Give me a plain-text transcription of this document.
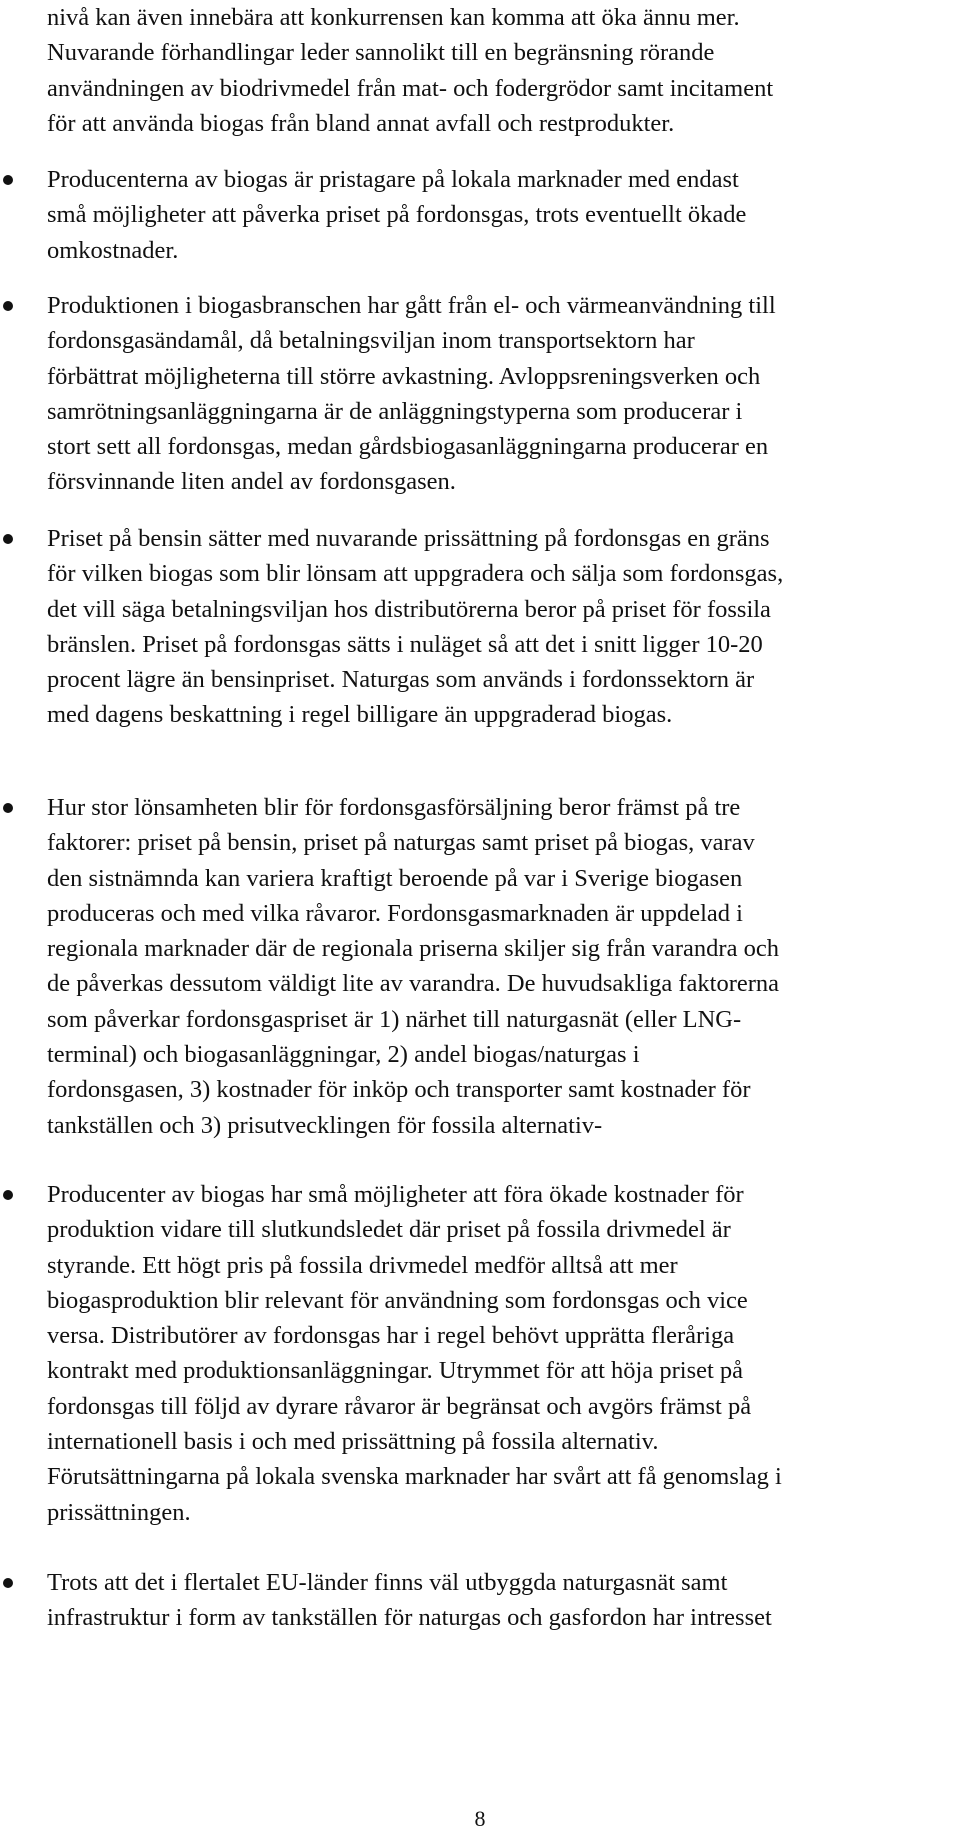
nivå kan även innebära att konkurrensen kan komma att öka ännu mer.
Nuvarande förhandlingar leder sannolikt till en begränsning rörande
användningen av biodrivmedel från mat- och fodergrödor samt incitament
för att använda biogas från bland annat avfall och restprodukter.

Producenterna av biogas är pristagare på lokala marknader med endast
små möjligheter att påverka priset på fordonsgas, trots eventuellt ökade
omkostnader.

Produktionen i biogasbranschen har gått från el- och värmeanvändning till
fordonsgasändamål, då betalningsviljan inom transportsektorn har
förbättrat möjligheterna till större avkastning. Avloppsreningsverken och
samrötningsanläggningarna är de anläggningstyperna som producerar i
stort sett all fordonsgas, medan gårdsbiogasanläggningarna producerar en
försvinnande liten andel av fordonsgasen.

Priset på bensin sätter med nuvarande prissättning på fordonsgas en gräns
för vilken biogas som blir lönsam att uppgradera och sälja som fordonsgas,
det vill säga betalningsviljan hos distributörerna beror på priset för fossila
bränslen. Priset på fordonsgas sätts i nuläget så att det i snitt ligger 10-20
procent lägre än bensinpriset. Naturgas som används i fordonssektorn är
med dagens beskattning i regel billigare än uppgraderad biogas.

Hur stor lönsamheten blir för fordonsgasförsäljning beror främst på tre
faktorer: priset på bensin, priset på naturgas samt priset på biogas, varav
den sistnämnda kan variera kraftigt beroende på var i Sverige biogasen
produceras och med vilka råvaror. Fordonsgasmarknaden är uppdelad i
regionala marknader där de regionala priserna skiljer sig från varandra och
de påverkas dessutom väldigt lite av varandra. De huvudsakliga faktorerna
som påverkar fordonsgaspriset är 1) närhet till naturgasnät (eller LNG-
terminal) och biogasanläggningar, 2) andel biogas/naturgas i
fordonsgasen, 3) kostnader för inköp och transporter samt kostnader för
tankställen och 3) prisutvecklingen för fossila alternativ-

Producenter av biogas har små möjligheter att föra ökade kostnader för
produktion vidare till slutkundsledet där priset på fossila drivmedel är
styrande. Ett högt pris på fossila drivmedel medför alltså att mer
biogasproduktion blir relevant för användning som fordonsgas och vice
versa. Distributörer av fordonsgas har i regel behövt upprätta fleråriga
kontrakt med produktionsanläggningar. Utrymmet för att höja priset på
fordonsgas till följd av dyrare råvaror är begränsat och avgörs främst på
internationell basis i och med prissättning på fossila alternativ.
Förutsättningarna på lokala svenska marknader har svårt att få genomslag i
prissättningen.

Trots att det i flertalet EU-länder finns väl utbyggda naturgasnät samt
infrastruktur i form av tankställen för naturgas och gasfordon har intresset

8
